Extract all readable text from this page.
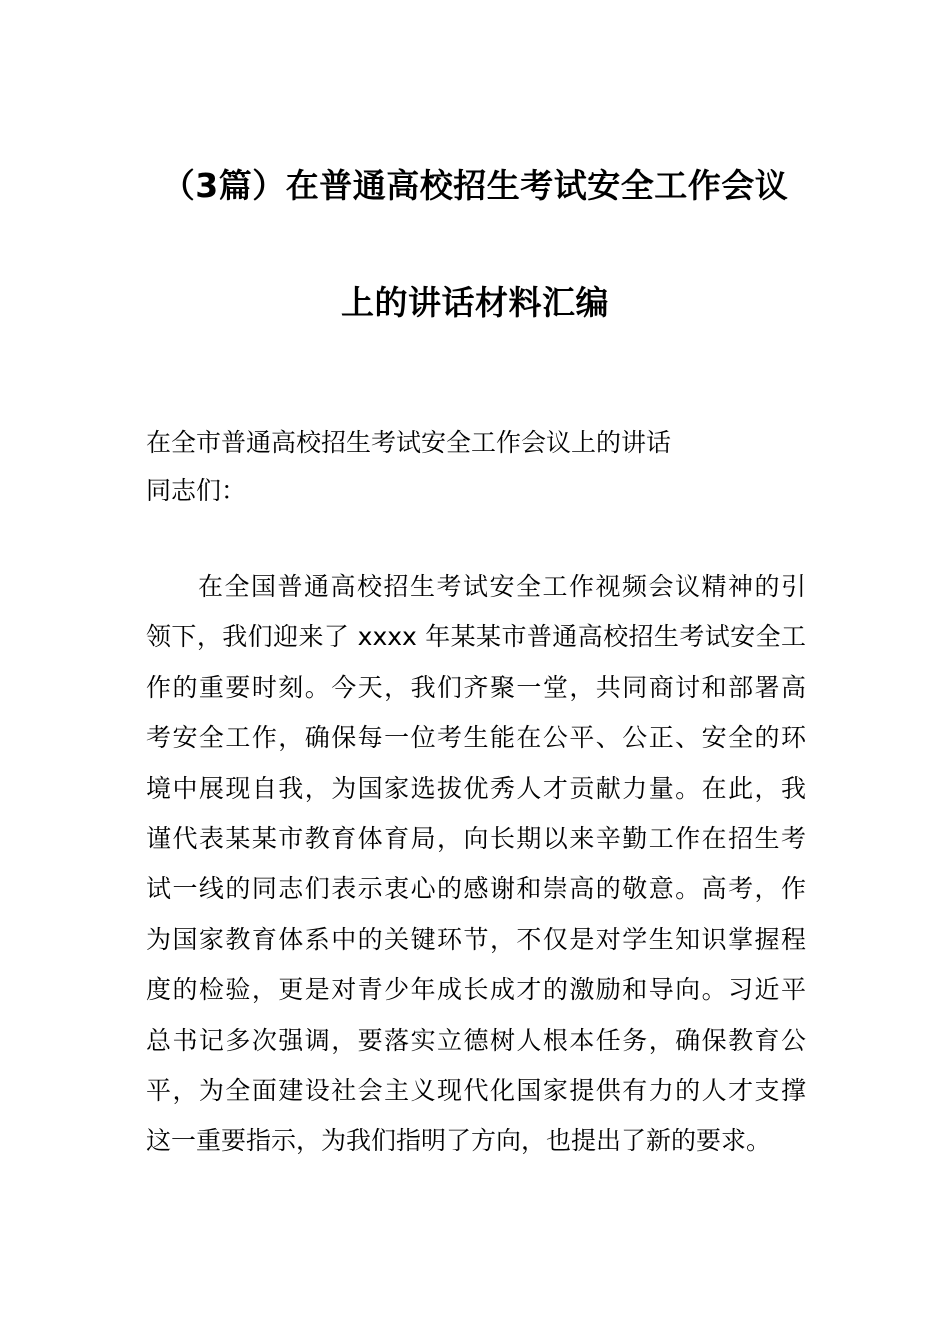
（3篇）在普通高校招生考试安全工作会议
上的讲话材料汇编
在全市普通高校招生考试安全工作会议上的讲话
同志们：
在全国普通高校招生考试安全工作视频会议精神的引
领下，我们迎来了 xxxx 年某某市普通高校招生考试安全工
作的重要时刻。今天，我们齐聚一堂，共同商讨和部署高
考安全工作，确保每一位考生能在公平、公正、安全的环
境中展现自我，为国家选拔优秀人才贡献力量。在此，我
谨代表某某市教育体育局，向长期以来辛勤工作在招生考
试一线的同志们表示衷心的感谢和崇高的敬意。高考，作
为国家教育体系中的关键环节，不仅是对学生知识掌握程
度的检验，更是对青少年成长成才的激励和导向。习近平
总书记多次强调，要落实立德树人根本任务，确保教育公
平，为全面建设社会主义现代化国家提供有力的人才支撑
这一重要指示，为我们指明了方向，也提出了新的要求。
